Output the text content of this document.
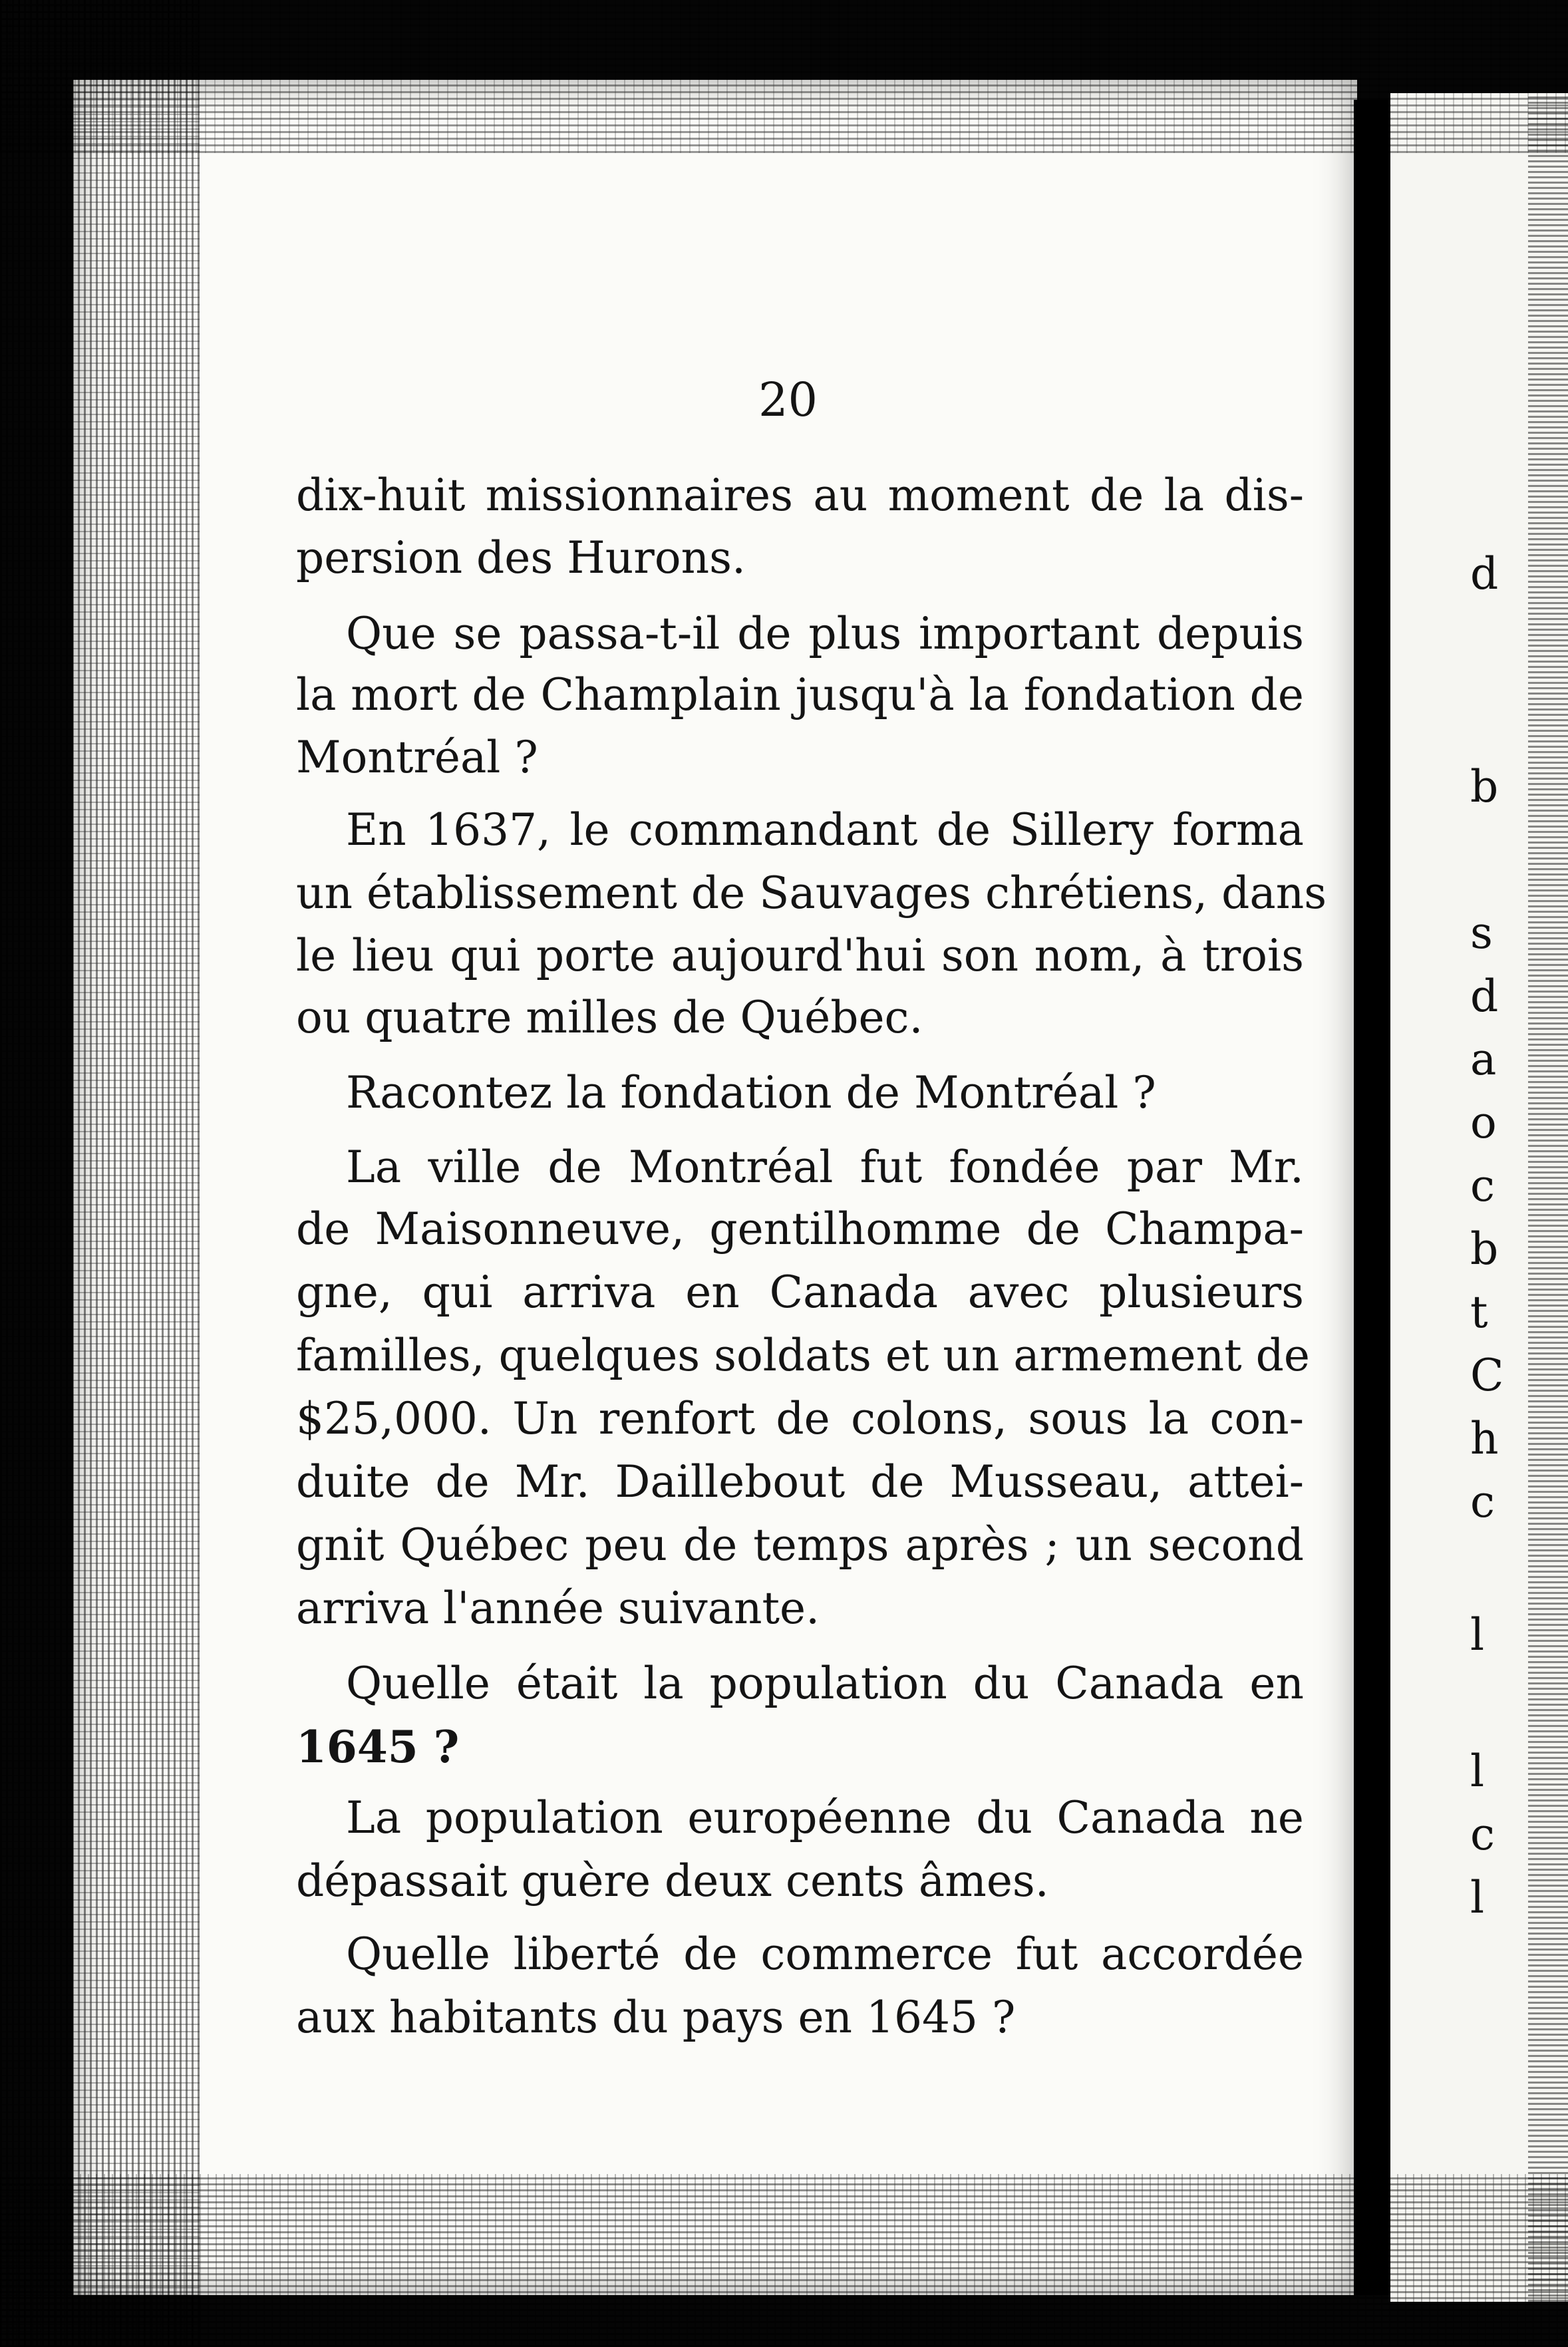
d
b
s
d
a
o
c
b
t
C
h
c
l
l
c
l
20
dix-huit missionnaires au moment de la dis-
persion des Hurons.
Que se passa-t-il de plus important depuis
la mort de Champlain jusqu'à la fondation de
Montréal ?
En 1637, le commandant de Sillery forma
un établissement de Sauvages chrétiens, dans
le lieu qui porte aujourd'hui son nom, à trois
ou quatre milles de Québec.
Racontez la fondation de Montréal ?
La ville de Montréal fut fondée par Mr.
de Maisonneuve, gentilhomme de Champa-
gne, qui arriva en Canada avec plusieurs
familles, quelques soldats et un armement de
$25,000. Un renfort de colons, sous la con-
duite de Mr. Daillebout de Musseau, attei-
gnit Québec peu de temps après ; un second
arriva l'année suivante.
Quelle était la population du Canada en
1645 ?
La population européenne du Canada ne
dépassait guère deux cents âmes.
Quelle liberté de commerce fut accordée
aux habitants du pays en 1645 ?
